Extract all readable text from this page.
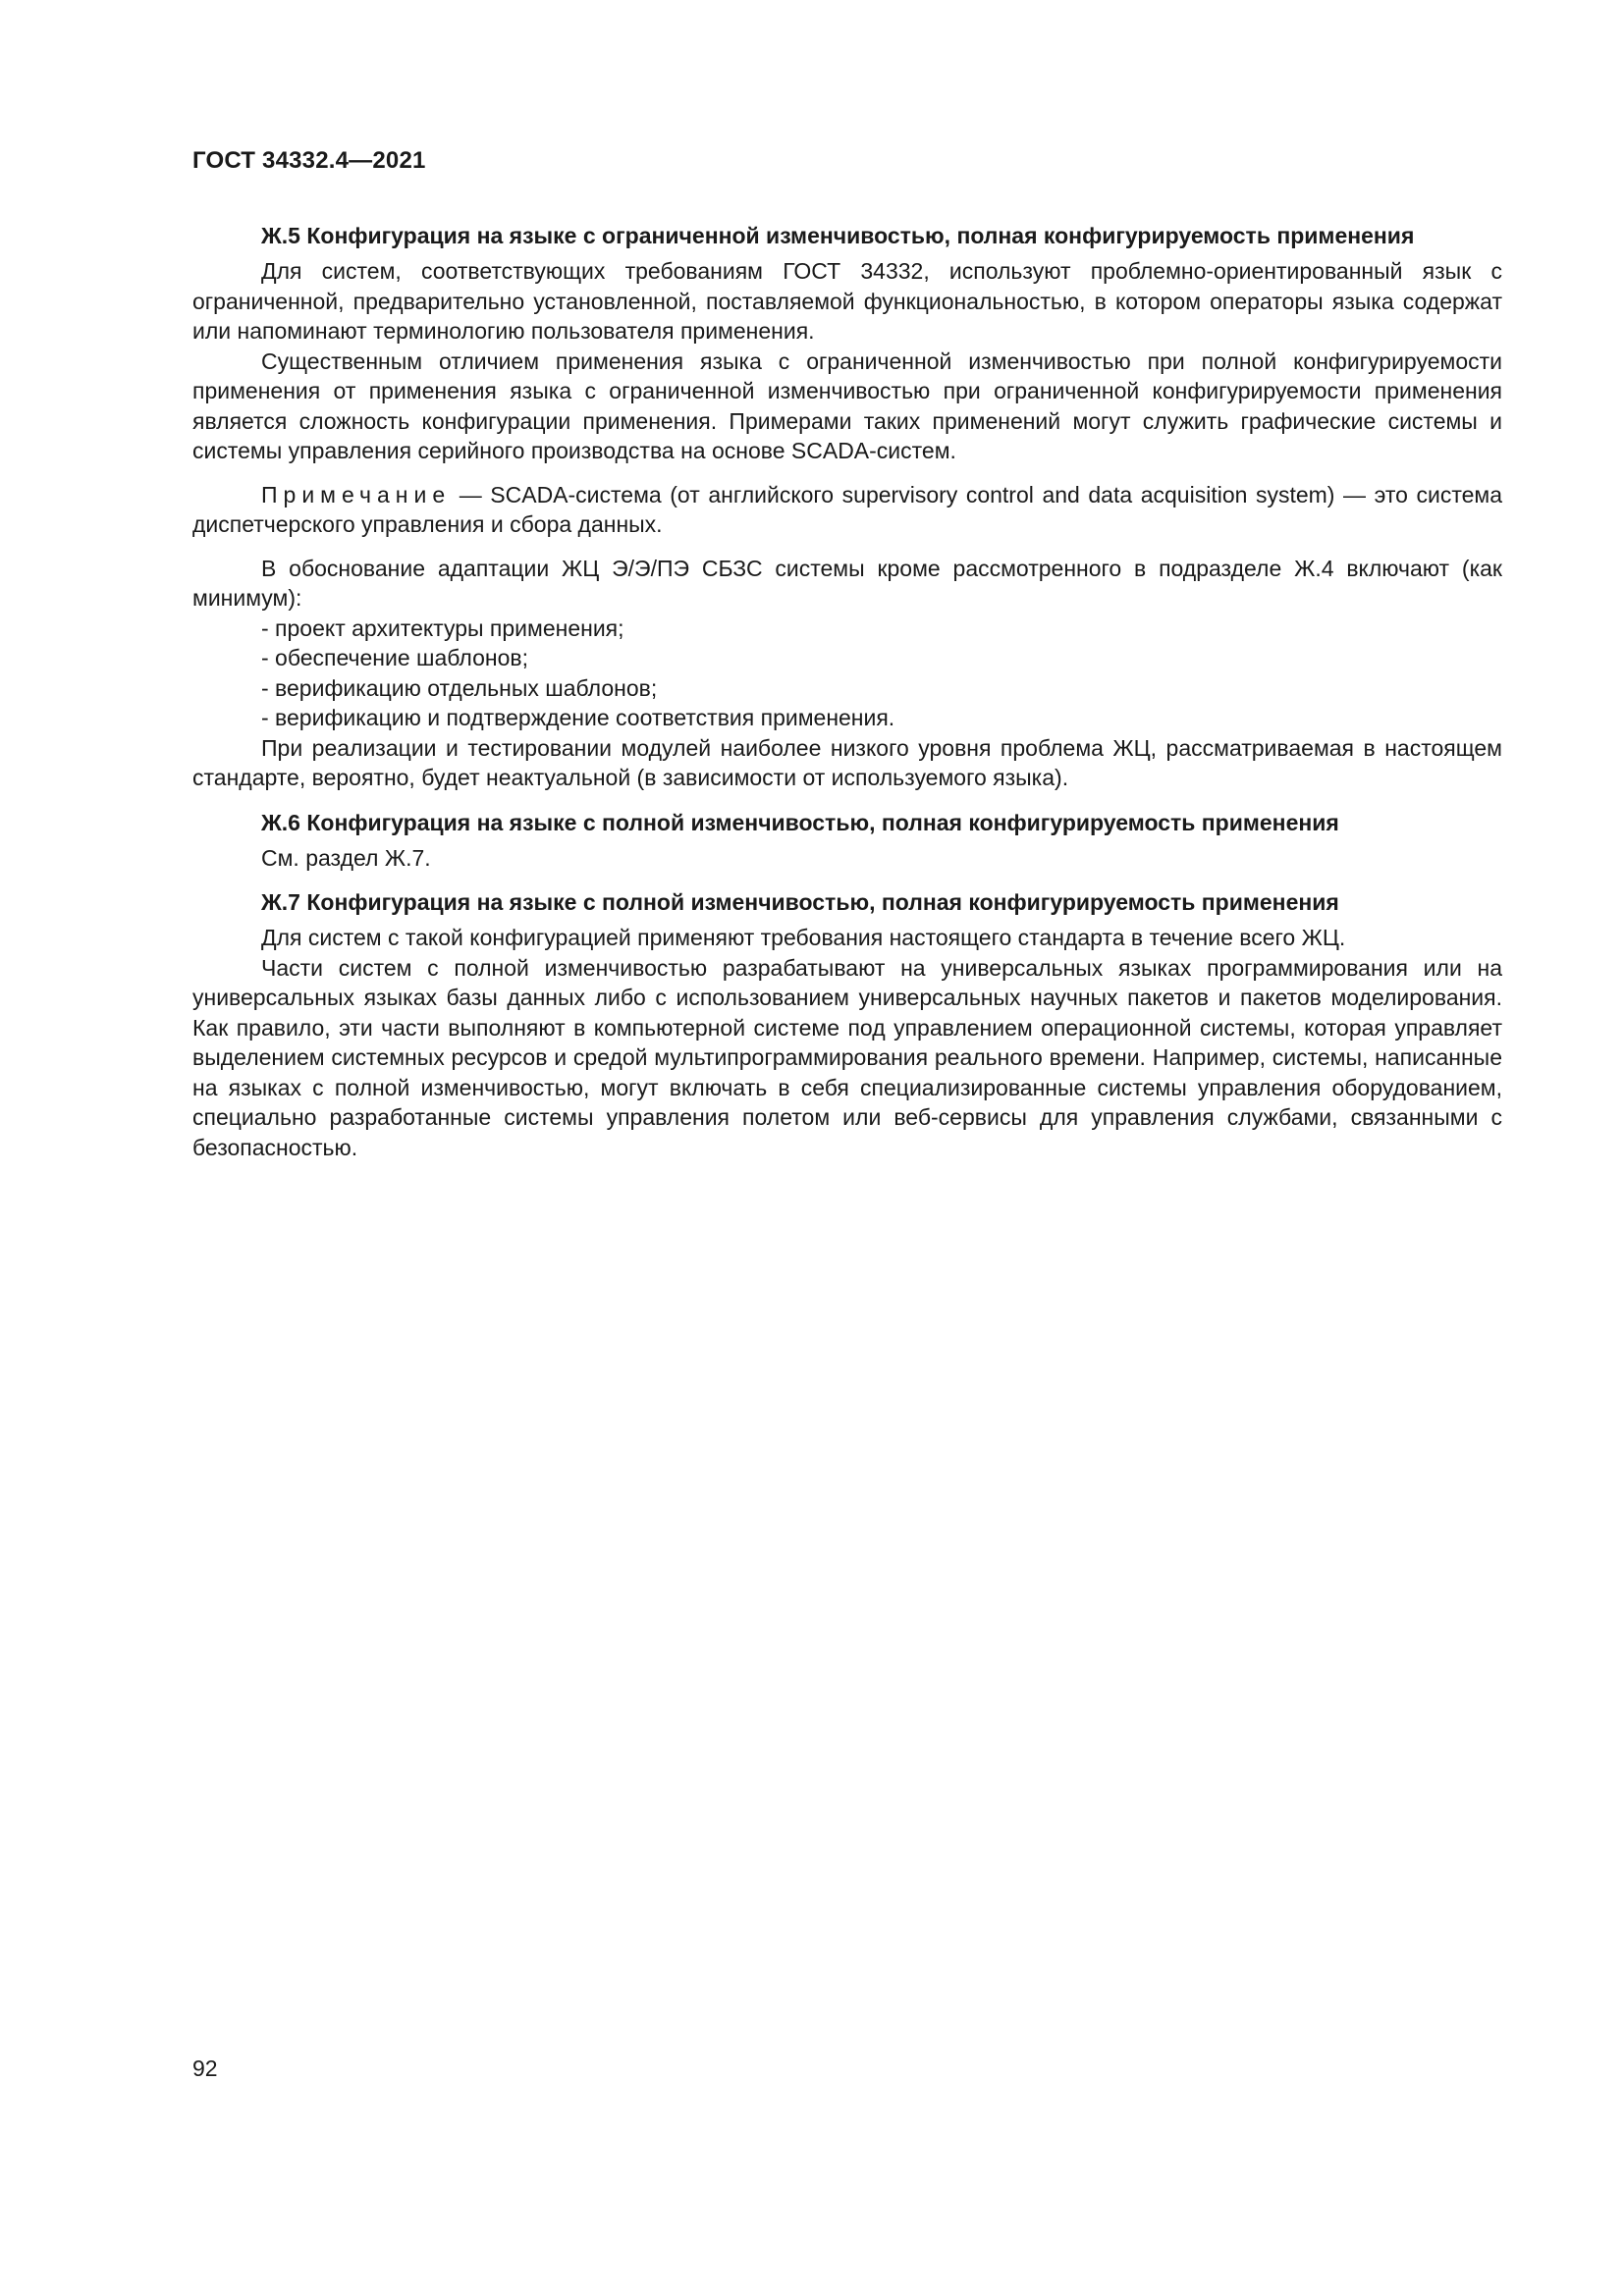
ГОСТ 34332.4—2021
Ж.5 Конфигурация на языке с ограниченной изменчивостью, полная конфигурируемость применения

Для систем, соответствующих требованиям ГОСТ 34332, используют проблемно-ориентированный язык с ограниченной, предварительно установленной, поставляемой функциональностью, в котором операторы языка содержат или напоминают терминологию пользователя применения.

Существенным отличием применения языка с ограниченной изменчивостью при полной конфигурируемости применения от применения языка с ограниченной изменчивостью при ограниченной конфигурируемости применения является сложность конфигурации применения. Примерами таких применений могут служить графические системы и системы управления серийного производства на основе SCADA-систем.

Примечание — SCADA-система (от английского supervisory control and data acquisition system) — это система диспетчерского управления и сбора данных.

В обоснование адаптации ЖЦ Э/Э/ПЭ СБЗС системы кроме рассмотренного в подразделе Ж.4 включают (как минимум):

- проект архитектуры применения;
- обеспечение шаблонов;
- верификацию отдельных шаблонов;
- верификацию и подтверждение соответствия применения.

При реализации и тестировании модулей наиболее низкого уровня проблема ЖЦ, рассматриваемая в настоящем стандарте, вероятно, будет неактуальной (в зависимости от используемого языка).

Ж.6 Конфигурация на языке с полной изменчивостью, полная конфигурируемость применения

См. раздел Ж.7.

Ж.7 Конфигурация на языке с полной изменчивостью, полная конфигурируемость применения

Для систем с такой конфигурацией применяют требования настоящего стандарта в течение всего ЖЦ.

Части систем с полной изменчивостью разрабатывают на универсальных языках программирования или на универсальных языках базы данных либо с использованием универсальных научных пакетов и пакетов моделирования. Как правило, эти части выполняют в компьютерной системе под управлением операционной системы, которая управляет выделением системных ресурсов и средой мультипрограммирования реального времени. Например, системы, написанные на языках с полной изменчивостью, могут включать в себя специализированные системы управления оборудованием, специально разработанные системы управления полетом или веб-сервисы для управления службами, связанными с безопасностью.

92
